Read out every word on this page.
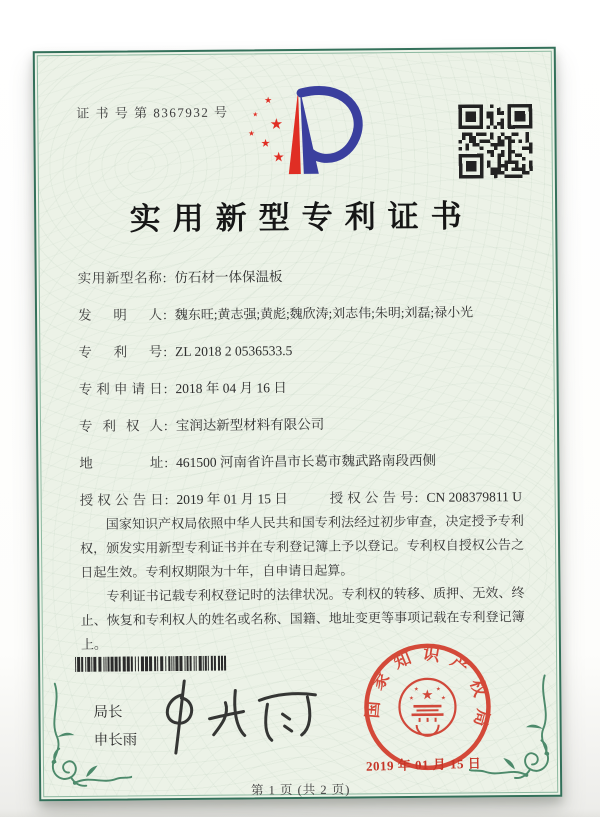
证 书 号 第 8367932 号
实用新型专利证书
实用新型名称 : 仿石材一体保温板
发明人 : 魏东旺;黄志强;黄彪;魏欣涛;刘志伟;朱明;刘磊;禄小光
专利号 : ZL 2018 2 0536533.5
专利申请日 : 2018 年 04 月 16 日
专利权人 : 宝润达新型材料有限公司
地址 : 461500 河南省许昌市长葛市魏武路南段西侧
授权公告日 : 2019 年 01 月 15 日	授权公告号 : CN 208379811 U

国家知识产权局依照中华人民共和国专利法经过初步审查，决定授予专利权，颁发实用新型专利证书并在专利登记簿上予以登记。专利权自授权公告之日起生效。专利权期限为十年，自申请日起算。

专利证书记载专利权登记时的法律状况。专利权的转移、质押、无效、终止、恢复和专利权人的姓名或名称、国籍、地址变更等事项记载在专利登记簿上。

局长
申长雨
国家知识产权局
2019 年 01 月 15 日
第 1 页 (共 2 页)
